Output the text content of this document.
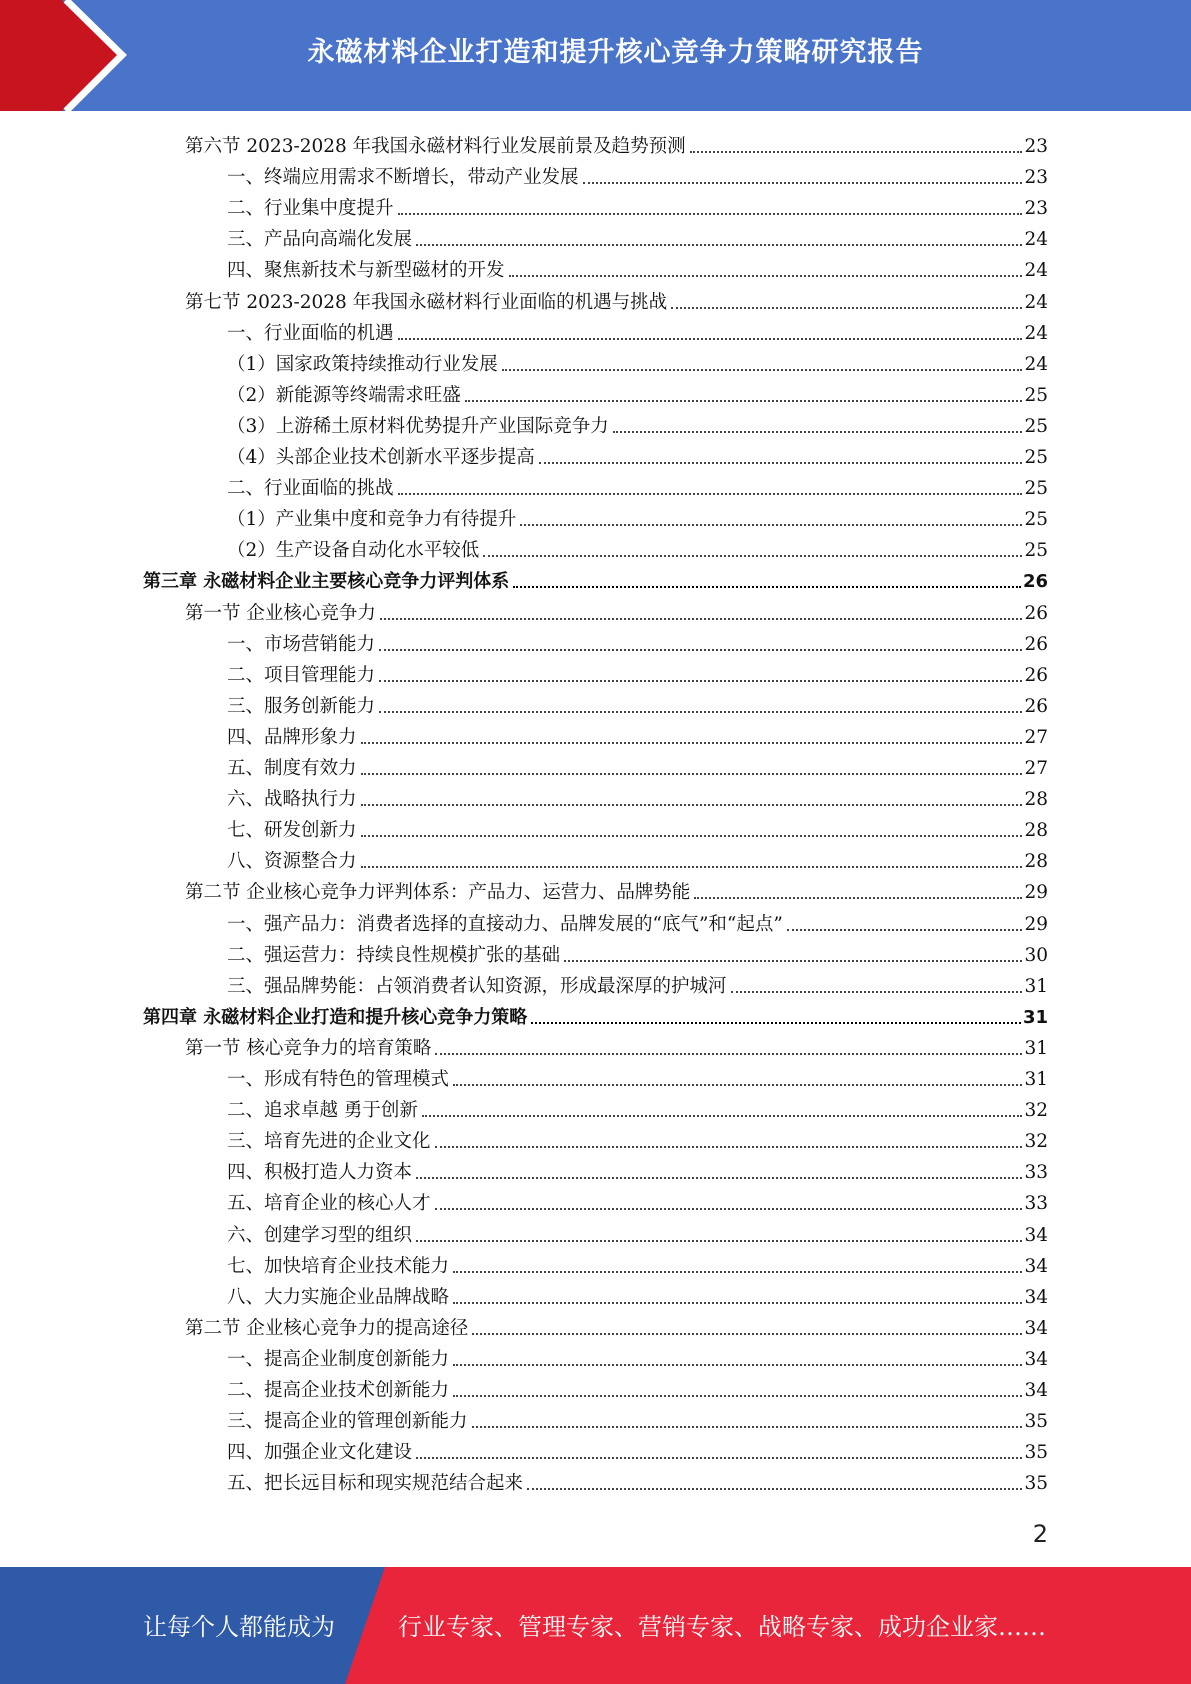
永磁材料企业打造和提升核心竞争力策略研究报告
第六节 2023-2028 年我国永磁材料行业发展前景及趋势预测	23
一、终端应用需求不断增长，带动产业发展	23
二、行业集中度提升	23
三、产品向高端化发展	24
四、聚焦新技术与新型磁材的开发	24
第七节 2023-2028 年我国永磁材料行业面临的机遇与挑战	24
一、行业面临的机遇	24
（1）国家政策持续推动行业发展	24
（2）新能源等终端需求旺盛	25
（3）上游稀土原材料优势提升产业国际竞争力	25
（4）头部企业技术创新水平逐步提高	25
二、行业面临的挑战	25
（1）产业集中度和竞争力有待提升	25
（2）生产设备自动化水平较低	25
第三章 永磁材料企业主要核心竞争力评判体系	26
第一节 企业核心竞争力	26
一、市场营销能力	26
二、项目管理能力	26
三、服务创新能力	26
四、品牌形象力	27
五、制度有效力	27
六、战略执行力	28
七、研发创新力	28
八、资源整合力	28
第二节 企业核心竞争力评判体系：产品力、运营力、品牌势能	29
一、强产品力：消费者选择的直接动力、品牌发展的“底气”和“起点”	29
二、强运营力：持续良性规模扩张的基础	30
三、强品牌势能：占领消费者认知资源，形成最深厚的护城河	31
第四章 永磁材料企业打造和提升核心竞争力策略	31
第一节 核心竞争力的培育策略	31
一、形成有特色的管理模式	31
二、追求卓越 勇于创新	32
三、培育先进的企业文化	32
四、积极打造人力资本	33
五、培育企业的核心人才	33
六、创建学习型的组织	34
七、加快培育企业技术能力	34
八、大力实施企业品牌战略	34
第二节 企业核心竞争力的提高途径	34
一、提高企业制度创新能力	34
二、提高企业技术创新能力	34
三、提高企业的管理创新能力	35
四、加强企业文化建设	35
五、把长远目标和现实规范结合起来	35
2
让每个人都能成为	行业专家、管理专家、营销专家、战略专家、成功企业家……
